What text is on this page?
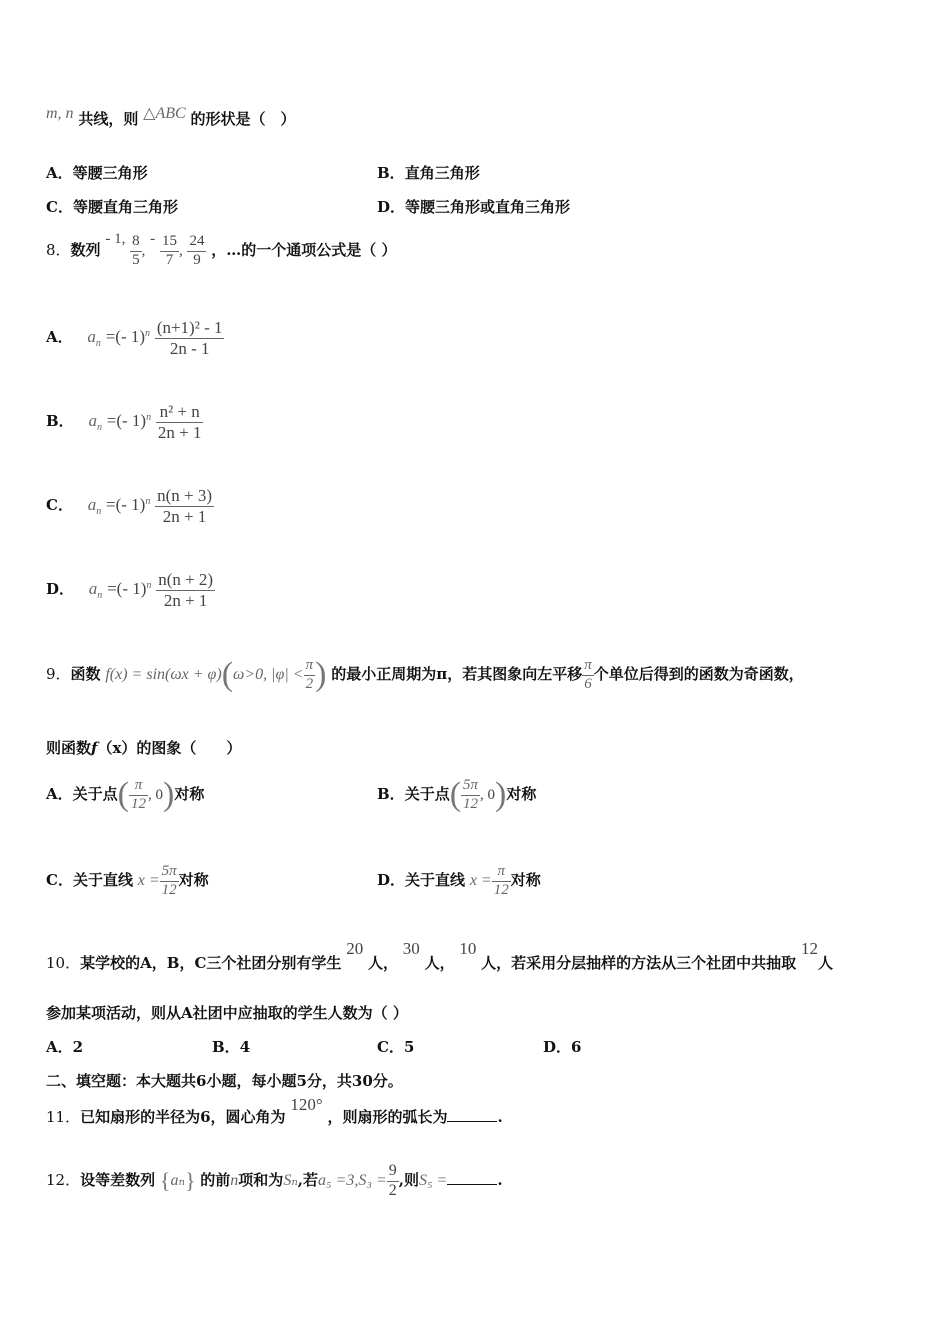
m, n 共线，则 △ABC 的形状是（　）
A．等腰三角形	B．直角三角形
C．等腰直角三角形	D．等腰三角形或直角三角形
8．数列 - 1, $\frac{8}{5}$ , - $\frac{15}{7}$ , $\frac{24}{9}$ ，…的一个通项公式是（ ）
A． $a_n$ =(- $1)^n \frac{\text{(n+1)² - 1}}{2n - 1}$
B． $a_n$ =(- $1)^n \frac{\text{n² + n}}{2n + 1}$
C． $a_n$ =(- $1)^n \frac{n(n + 3)}{2n + 1}$
D． $a_n$ =(- $1)^n \frac{n(n + 2)}{2n + 1}$
9．函数 f(x) = sin(ωx + φ)(ω>0, $|\varphi| < \frac{\pi}{2}$ ) 的最小正周期为π，若其图象向左平移 $\frac{\pi}{6}$ 个单位后得到的函数为奇函数，
则函数f（x）的图象（　　）
A．关于点( $\frac{\pi}{12}$ , 0)对称	B．关于点( $\frac{5\pi}{12}$ , 0)对称
C．关于直线 $x = \frac{5\pi}{12}$ 对称	D．关于直线 $x = \frac{\pi}{12}$ 对称
10．某学校的A，B，C三个社团分别有学生 20 人， 30 人， 10 人，若采用分层抽样的方法从三个社团中共抽取 12人
参加某项活动，则从A社团中应抽取的学生人数为（ ）
A．2	B．4	C．5	D．6
二、填空题：本大题共6小题，每小题5分，共30分。
11．已知扇形的半径为6，圆心角为 120° ，则扇形的弧长为	.
12．设等差数列 {aₙ} 的前n项和为Sₙ,若$a_5 =3,S_3 = \frac{9}{2}$ ,则S₅ =	.
